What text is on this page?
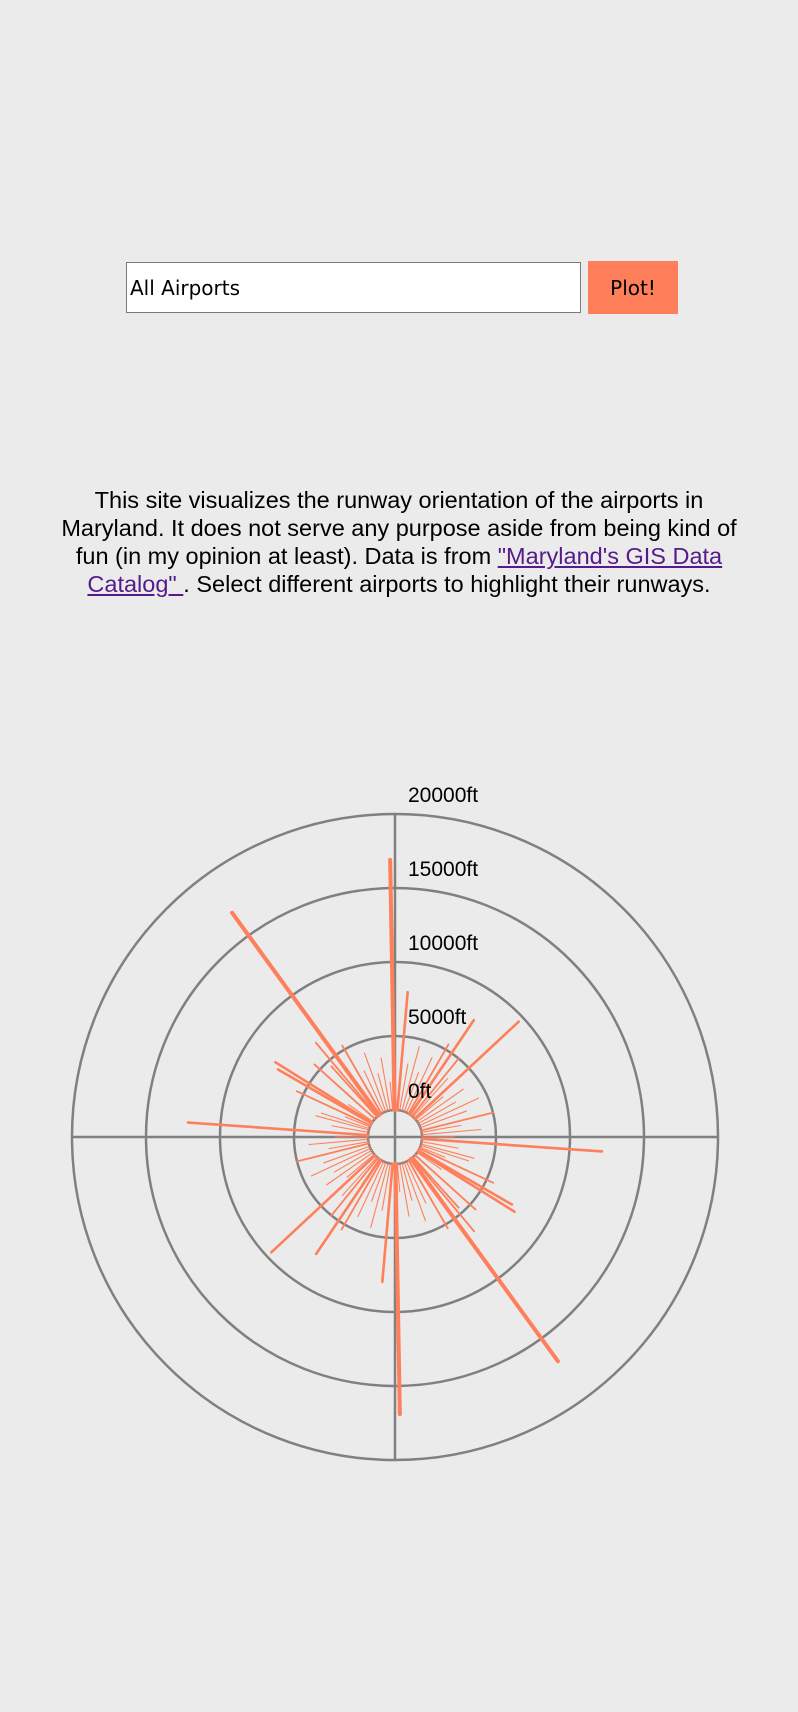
All Airports
Plot!

This site visualizes the runway orientation of the airports in Maryland. It does not serve any purpose aside from being kind of fun (in my opinion at least). Data is from "Maryland's GIS Data Catalog" . Select different airports to highlight their runways.

0ft
5000ft
10000ft
15000ft
20000ft
